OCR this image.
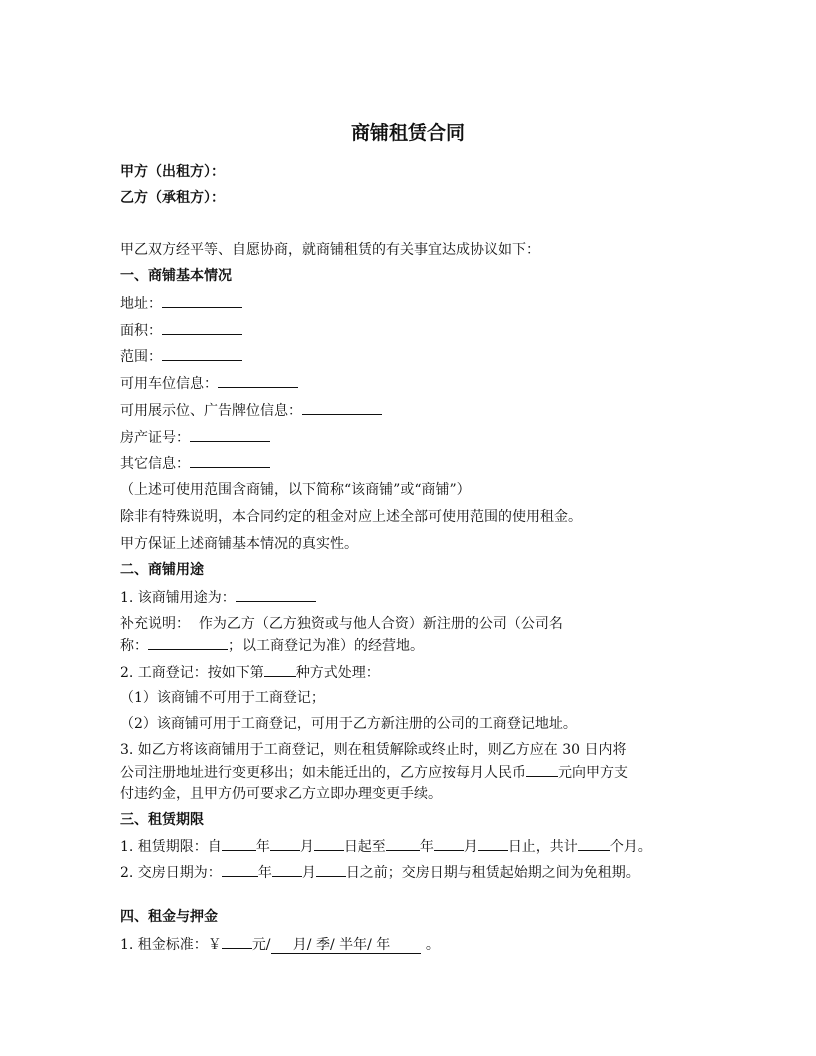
商铺租赁合同
甲方（出租方）：
乙方（承租方）：
甲乙双方经平等、自愿协商，就商铺租赁的有关事宜达成协议如下：
一、商铺基本情况
地址：
面积：
范围：
可用车位信息：
可用展示位、广告牌位信息：
房产证号：
其它信息：
（上述可使用范围含商铺，以下简称“该商铺”或“商铺”）
除非有特殊说明，本合同约定的租金对应上述全部可使用范围的使用租金。
甲方保证上述商铺基本情况的真实性。
二、商铺用途
1. 该商铺用途为：
补充说明：  作为乙方（乙方独资或与他人合资）新注册的公司（公司名
称：	；以工商登记为准）的经营地。
2. 工商登记：按如下第 种方式处理：
（1）该商铺不可用于工商登记；
（2）该商铺可用于工商登记，可用于乙方新注册的公司的工商登记地址。
3. 如乙方将该商铺用于工商登记，则在租赁解除或终止时，则乙方应在 30 日内将
公司注册地址进行变更移出；如未能迁出的，乙方应按每月人民币 元向甲方支
付违约金，且甲方仍可要求乙方立即办理变更手续。
三、租赁期限
1. 租赁期限：自 年 月 日起至 年 月 日止，共计 个月。
2. 交房日期为：	年 月 日之前；交房日期与租赁起始期之间为免租期。
四、租金与押金
1. 租金标准：￥ 元/     月/ 季/ 半年/ 年        。
